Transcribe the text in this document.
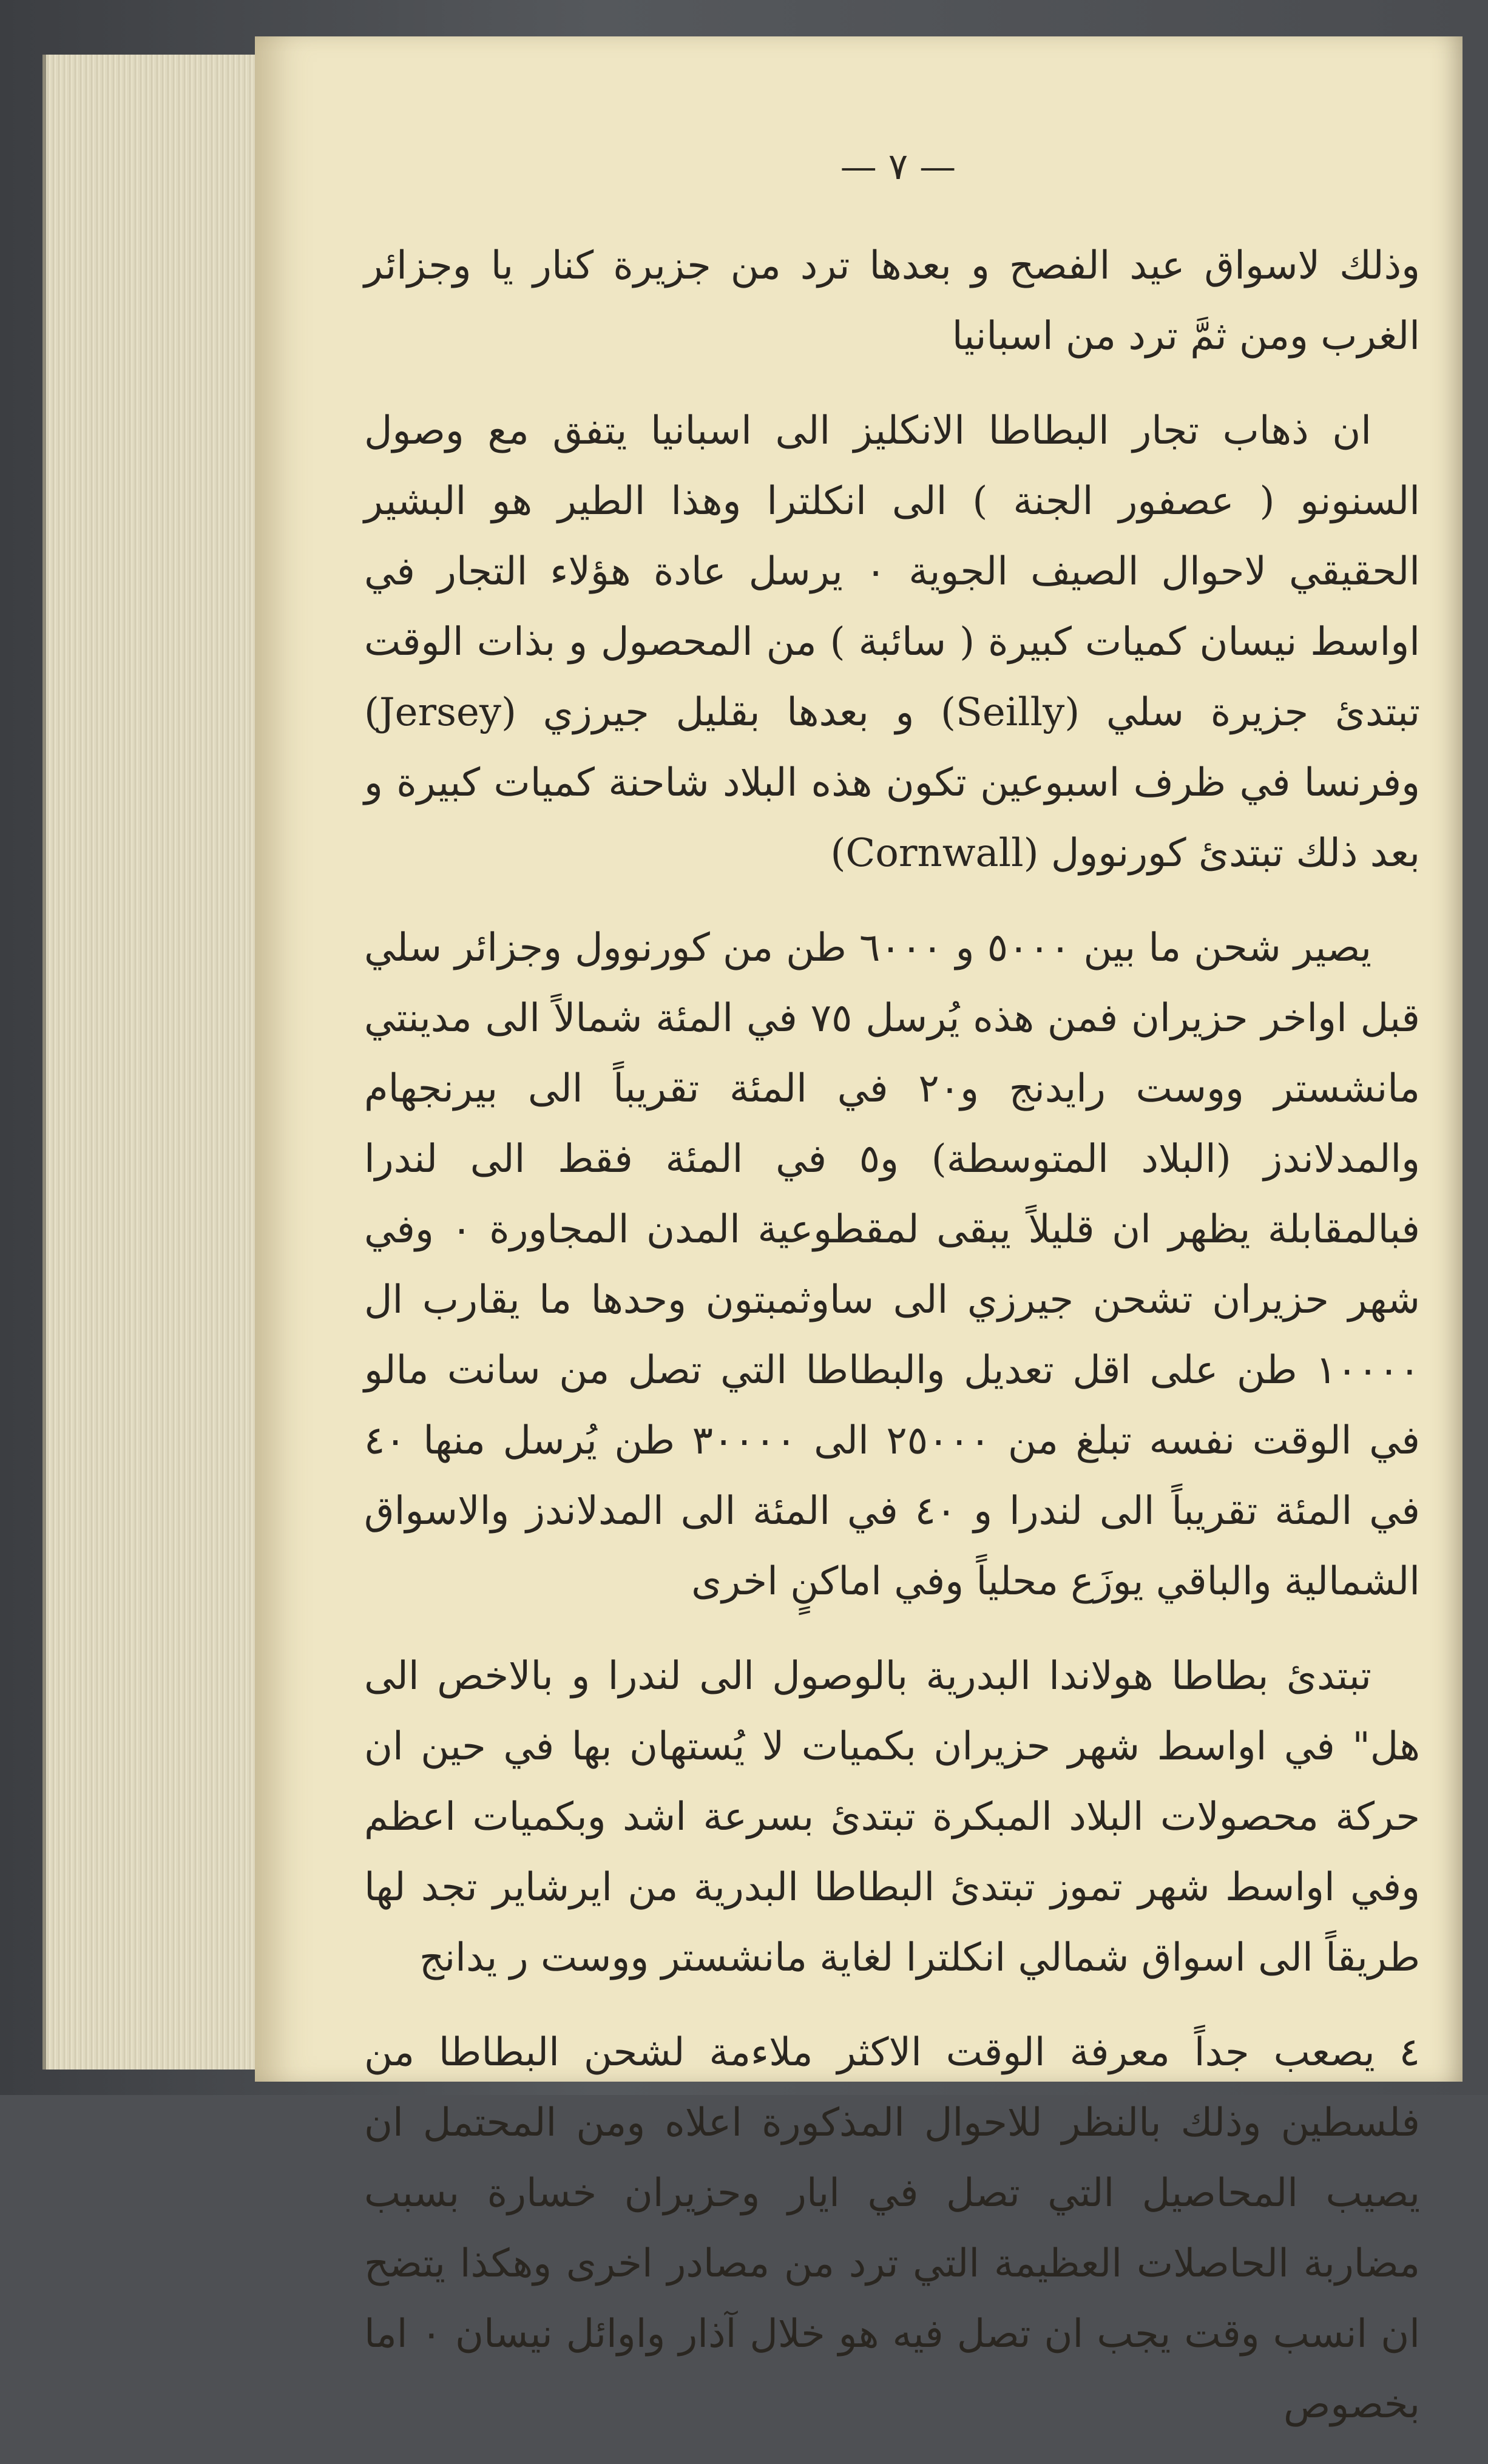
— ٧ —

وذلك لاسواق عيد الفصح و بعدها ترد من جزيرة كنار يا وجزائر الغرب ومن ثمَّ ترد من اسبانيا

ان ذهاب تجار البطاطا الانكليز الى اسبانيا يتفق مع وصول السنونو ( عصفور الجنة ) الى انكلترا وهذا الطير هو البشير الحقيقي لاحوال الصيف الجوية ٠ يرسل عادة هؤلاء التجار في اواسط نيسان كميات كبيرة ( سائبة ) من المحصول و بذات الوقت تبتدئ جزيرة سلي (Seilly) و بعدها بقليل جيرزي (Jersey) وفرنسا في ظرف اسبوعين تكون هذه البلاد شاحنة كميات كبيرة و بعد ذلك تبتدئ كورنوول (Cornwall)

يصير شحن ما بين ٥٠٠٠ و ٦٠٠٠ طن من كورنوول وجزائر سلي قبل اواخر حزيران فمن هذه يُرسل ٧٥ في المئة شمالاً الى مدينتي مانشستر ووست رايدنج و٢٠ في المئة تقريباً الى بيرنجهام والمدلاندز (البلاد المتوسطة) و٥ في المئة فقط الى لندرا فبالمقابلة يظهر ان قليلاً يبقى لمقطوعية المدن المجاورة ٠ وفي شهر حزيران تشحن جيرزي الى ساوثمبتون وحدها ما يقارب ال ١٠٠٠٠ طن على اقل تعديل والبطاطا التي تصل من سانت مالو في الوقت نفسه تبلغ من ٢٥٠٠٠ الى ٣٠٠٠٠ طن يُرسل منها ٤٠ في المئة تقريباً الى لندرا و ٤٠ في المئة الى المدلاندز والاسواق الشمالية والباقي يوزَع محلياً وفي اماكنٍ اخرى

تبتدئ بطاطا هولاندا البدرية بالوصول الى لندرا و بالاخص الى هل" في اواسط شهر حزيران بكميات لا يُستهان بها في حين ان حركة محصولات البلاد المبكرة تبتدئ بسرعة اشد وبكميات اعظم وفي اواسط شهر تموز تبتدئ البطاطا البدرية من ايرشاير تجد لها طريقاً الى اسواق شمالي انكلترا لغاية مانشستر ووست ر يدانج

٤ يصعب جداً معرفة الوقت الاكثر ملاءمة لشحن البطاطا من فلسطين وذلك بالنظر للاحوال المذكورة اعلاه ومن المحتمل ان يصيب المحاصيل التي تصل في ايار وحزيران خسارة بسبب مضاربة الحاصلات العظيمة التي ترد من مصادر اخرى وهكذا يتضح ان انسب وقت يجب ان تصل فيه هو خلال آذار واوائل نيسان ٠ اما بخصوص
